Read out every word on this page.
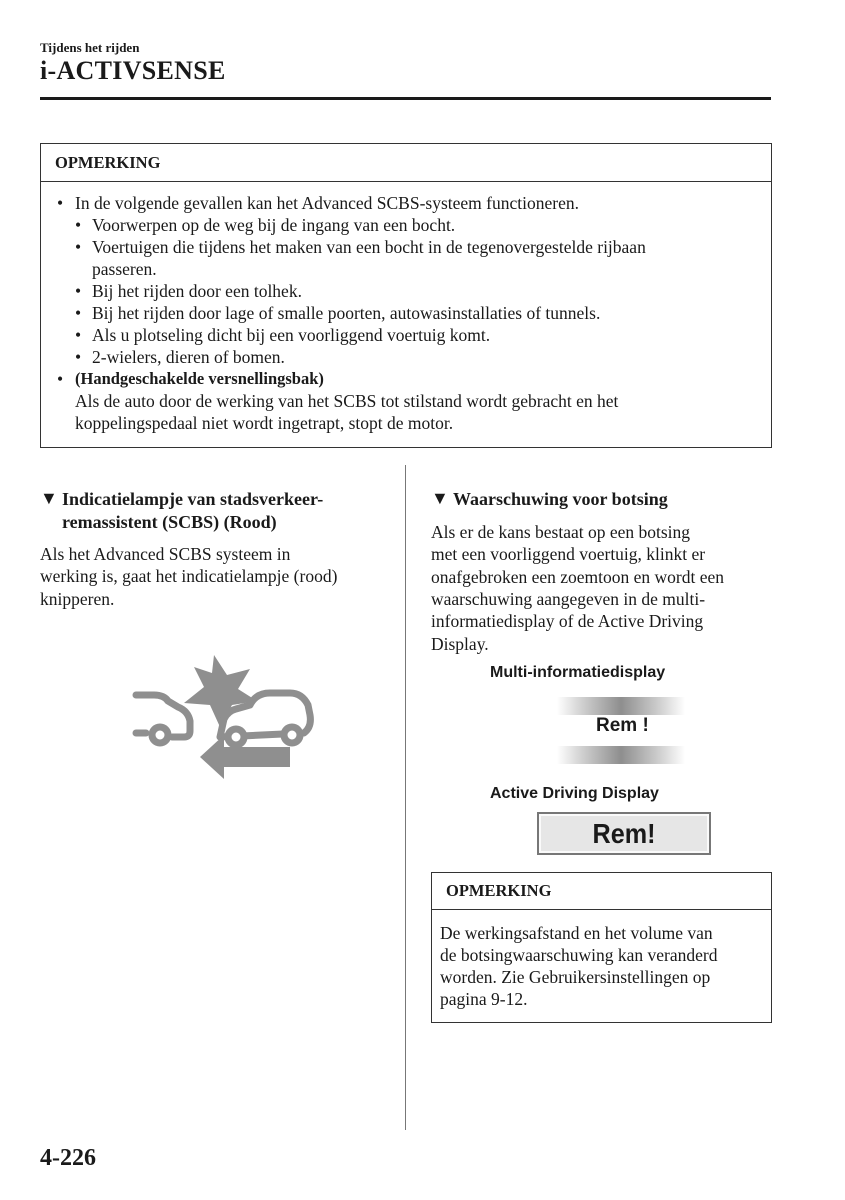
Tijdens het rijden
i-ACTIVSENSE
OPMERKING
• In de volgende gevallen kan het Advanced SCBS-systeem functioneren.
• Voorwerpen op de weg bij de ingang van een bocht.
• Voertuigen die tijdens het maken van een bocht in de tegenovergestelde rijbaan
passeren.
• Bij het rijden door een tolhek.
• Bij het rijden door lage of smalle poorten, autowasinstallaties of tunnels.
• Als u plotseling dicht bij een voorliggend voertuig komt.
• 2-wielers, dieren of bomen.
• (Handgeschakelde versnellingsbak)
Als de auto door de werking van het SCBS tot stilstand wordt gebracht en het
koppelingspedaal niet wordt ingetrapt, stopt de motor.
▼ Indicatielampje van stadsverkeer-
remassistent (SCBS) (Rood)
Als het Advanced SCBS systeem in
werking is, gaat het indicatielampje (rood)
knipperen.
▼ Waarschuwing voor botsing
Als er de kans bestaat op een botsing
met een voorliggend voertuig, klinkt er
onafgebroken een zoemtoon en wordt een
waarschuwing aangegeven in de multi-
informatiedisplay of de Active Driving
Display.
Multi-informatiedisplay
Rem !
Active Driving Display
Rem!
OPMERKING
De werkingsafstand en het volume van
de botsingwaarschuwing kan veranderd
worden. Zie Gebruikersinstellingen op
pagina 9-12.
4-226
